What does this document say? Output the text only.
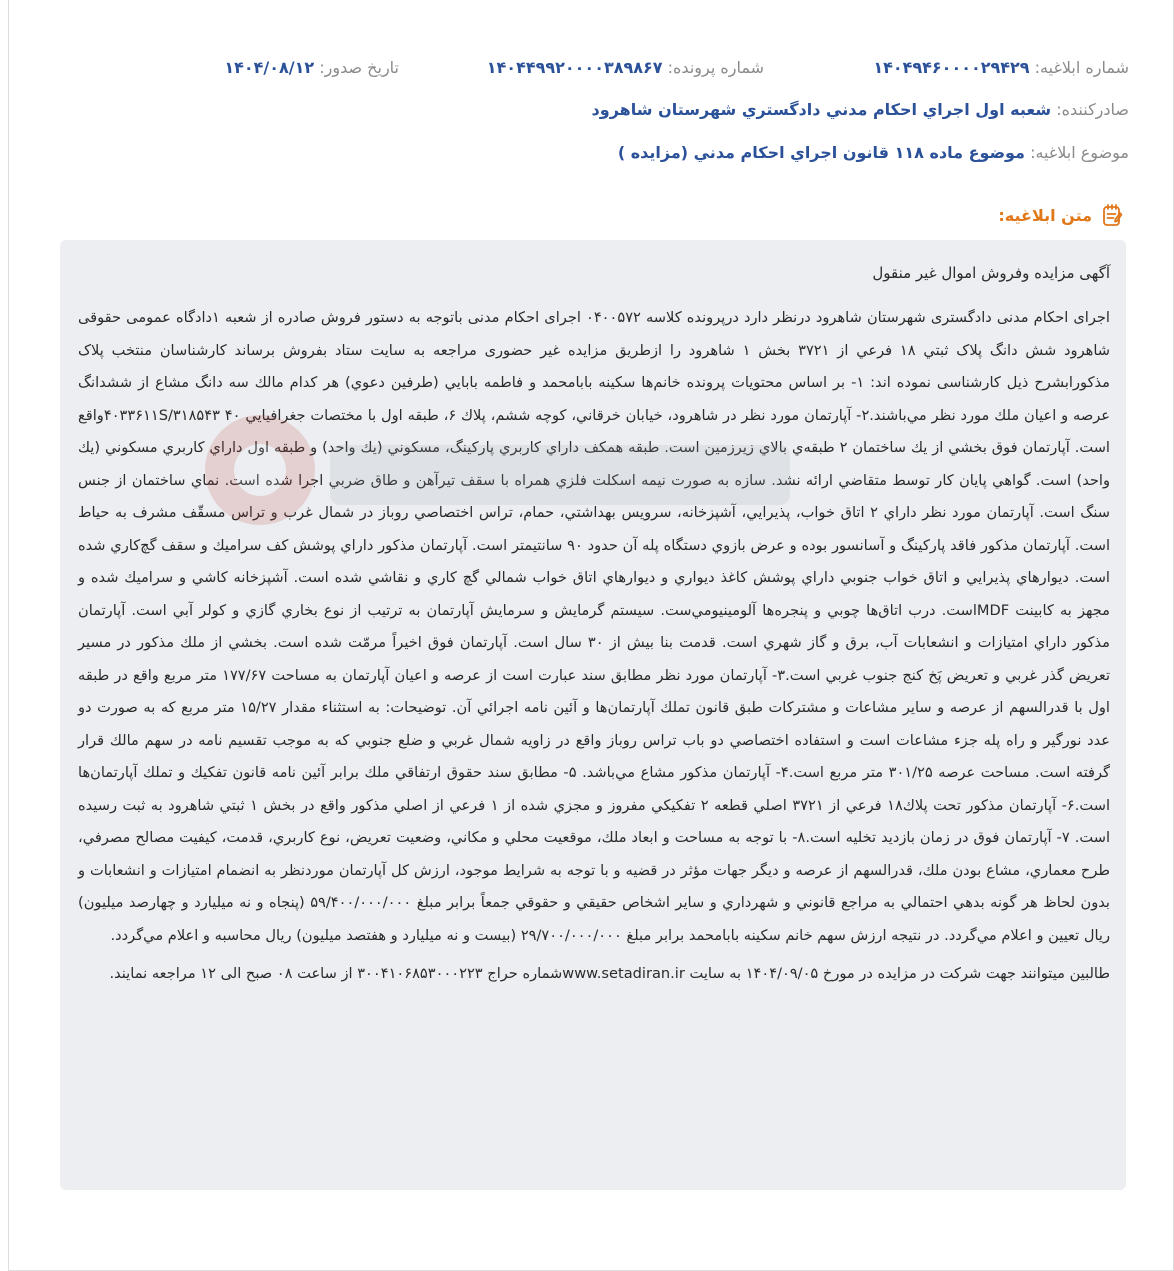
شماره ابلاغیه: ۱۴۰۴۹۴۶۰۰۰۰۲۹۴۲۹
شماره پرونده: ۱۴۰۴۴۹۹۲۰۰۰۰۳۸۹۸۶۷
تاریخ صدور: ۱۴۰۴/۰۸/۱۲
صادرکننده: شعبه اول اجراي احكام مدني دادگستري شهرستان شاهرود
موضوع ابلاغیه: موضوع ماده ۱۱۸ قانون اجراي احكام مدني (مزايده )
متن ابلاغیه:
آگهی مزایده وفروش اموال غیر منقول

اجرای احکام مدنی دادگستری شهرستان شاهرود درنظر دارد درپرونده کلاسه ۰۴۰۰۵۷۲ اجرای احکام مدنی باتوجه به دستور فروش صادره از شعبه ۱دادگاه عمومی حقوقی شاهرود شش دانگ پلاک ثبتي ۱۸ فرعي از ۳۷۲۱ بخش ۱ شاهرود را ازطریق مزایده غیر حضوری مراجعه به سایت ستاد بفروش برساند کارشناسان منتخب پلاک مذکورابشرح ذیل کارشناسی نموده اند: ۱- بر اساس محتويات پرونده خانم‌ها سکينه بابامحمد و فاطمه بابايي (طرفين دعوي) هر كدام مالك سه دانگ مشاع از ششدانگ عرصه و اعيان ملك مورد نظر مي‌باشند.۲- آپارتمان مورد نظر در شاهرود، خيابان خرقاني، كوچه ششم، پلاك ۶، طبقه اول با مختصات جغرافيايي ۴۰ ۴۰۳۳۶۱۱S/۳۱۸۵۴۳واقع است. آپارتمان فوق بخشي از يك ساختمان ۲ طبقه‌ي بالاي زيرزمين است. طبقه همكف داراي كاربري پاركينگ، مسكوني (يك واحد) و طبقه اول داراي كاربري مسكوني (يك واحد) است. گواهي پايان كار توسط متقاضي ارائه نشد. سازه به صورت نيمه اسكلت فلزي همراه با سقف تيرآهن و طاق ضربي اجرا شده است. نماي ساختمان از جنس سنگ است. آپارتمان مورد نظر داراي ۲ اتاق خواب، پذيرايي، آشپزخانه، سرويس بهداشتي، حمام، تراس اختصاصي روباز در شمال غرب و تراس مسقّف مشرف به حياط است. آپارتمان مذكور فاقد پاركينگ و آسانسور بوده و عرض بازوي دستگاه پله آن حدود ۹۰ سانتيمتر است. آپارتمان مذكور داراي پوشش كف سراميك و سقف گچ‌كاري شده است. ديوارهاي پذيرايي و اتاق خواب جنوبي داراي پوشش كاغذ ديواري و ديوارهاي اتاق خواب شمالي گچ كاري و نقاشي شده است. آشپزخانه كاشي و سراميك شده و مجهز به كابينت MDFاست. درب اتاق‌ها چوبي و پنجره‌ها آلومينيومي‌ست. سيستم گرمايش و سرمايش آپارتمان به ترتيب از نوع بخاري گازي و كولر آبي است. آپارتمان مذكور داراي امتيازات و انشعابات آب، برق و گاز شهري است. قدمت بنا بيش از ۳۰ سال است. آپارتمان فوق اخيراً مرمّت شده است. بخشي از ملك مذكور در مسير تعريض گذر غربي و تعريض پَخ كنج جنوب غربي است.۳- آپارتمان مورد نظر مطابق سند عبارت است از عرصه و اعيان آپارتمان به مساحت ۱۷۷/۶۷ متر مربع واقع در طبقه اول با قدرالسهم از عرصه و ساير مشاعات و مشتركات طبق قانون تملك آپارتمان‌ها و آئين نامه اجرائي آن. توضيحات: به استثناء مقدار ۱۵/۲۷ متر مربع كه به صورت دو عدد نورگير و راه پله جزء مشاعات است و استفاده اختصاصي دو باب تراس روباز واقع در زاويه شمال غربي و ضلع جنوبي كه به موجب تقسيم نامه در سهم مالك قرار گرفته است. مساحت عرصه ۳۰۱/۲۵ متر مربع است.۴- آپارتمان مذكور مشاع مي‌باشد. ۵- مطابق سند حقوق ارتفاقي ملك برابر آئين نامه قانون تفكيك و تملك آپارتمان‌ها است.۶- آپارتمان مذكور تحت پلاك۱۸ فرعي از ۳۷۲۱ اصلي قطعه ۲ تفكيكي مفروز و مجزي شده از ۱ فرعي از اصلي مذكور واقع در بخش ۱ ثبتي شاهرود به ثبت رسيده است. ۷- آپارتمان فوق در زمان بازديد تخليه است.۸- با توجه به مساحت و ابعاد ملك، موقعيت محلي و مكاني، وضعيت تعريض، نوع كاربري، قدمت، كيفيت مصالح مصرفي، طرح معماري، مشاع بودن ملك، قدرالسهم از عرصه و ديگر جهات مؤثر در قضيه و با توجه به شرايط موجود، ارزش كل آپارتمان موردنظر به انضمام امتيازات و انشعابات و بدون لحاظ هر گونه بدهي احتمالي به مراجع قانوني و شهرداري و ساير اشخاص حقيقي و حقوقي جمعاً برابر مبلغ ۵۹/۴۰۰/۰۰۰/۰۰۰ (پنجاه و نه ميليارد و چهارصد ميليون) ريال تعيين و اعلام مي‌گردد. در نتيجه ارزش سهم خانم سكينه بابامحمد برابر مبلغ ۲۹/۷۰۰/۰۰۰/۰۰۰ (بيست و نه ميليارد و هفتصد ميليون) ريال محاسبه و اعلام مي‌گردد.

طالبین میتوانند جهت شرکت در مزایده در مورخ ۱۴۰۴/۰۹/۰۵ به سایت www.setadiran.irشماره حراج ۳۰۰۴۱۰۶۸۵۳۰۰۰۲۲۳ از ساعت ۰۸ صبح الی ۱۲ مراجعه نمایند.
